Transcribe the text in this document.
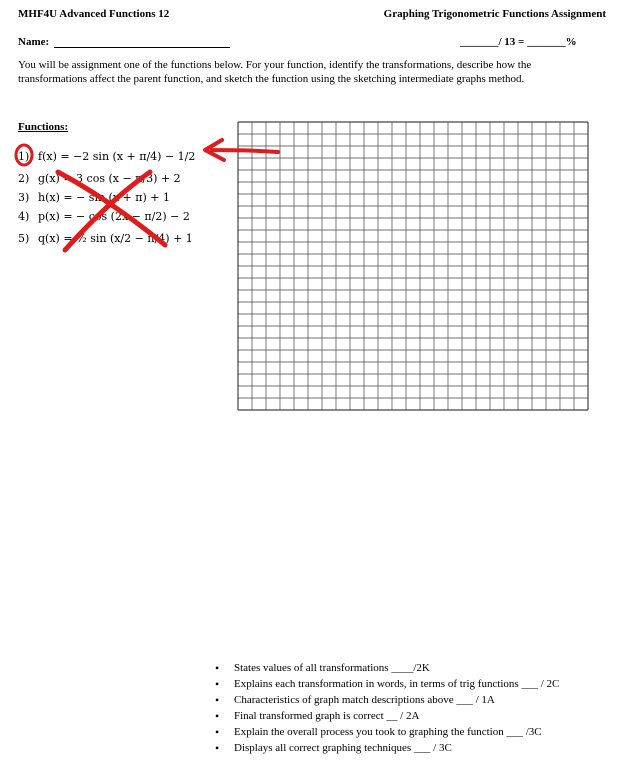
MHF4U Advanced Functions 12	Graphing Trigonometric Functions Assignment
Name:	_______/ 13 = _______%
You will be assignment one of the functions below. For your function, identify the transformations, describe how the transformations affect the parent function, and sketch the function using the sketching intermediate graphs method.
Functions:
1) f(x) = −2 sin (x + π/4) − 1/2
2) g(x) = 3 cos (x − π/3) + 2
3) h(x) = − sin (x + π) + 1
4) p(x) = − cos (2x − π/2) − 2
5) q(x) = ½ sin (x/2 − π/4) + 1
• States values of all transformations ____/2K
• Explains each transformation in words, in terms of trig functions ___ / 2C
• Characteristics of graph match descriptions above ___ / 1A
• Final transformed graph is correct __ / 2A
• Explain the overall process you took to graphing the function ___ /3C
• Displays all correct graphing techniques ___ / 3C
